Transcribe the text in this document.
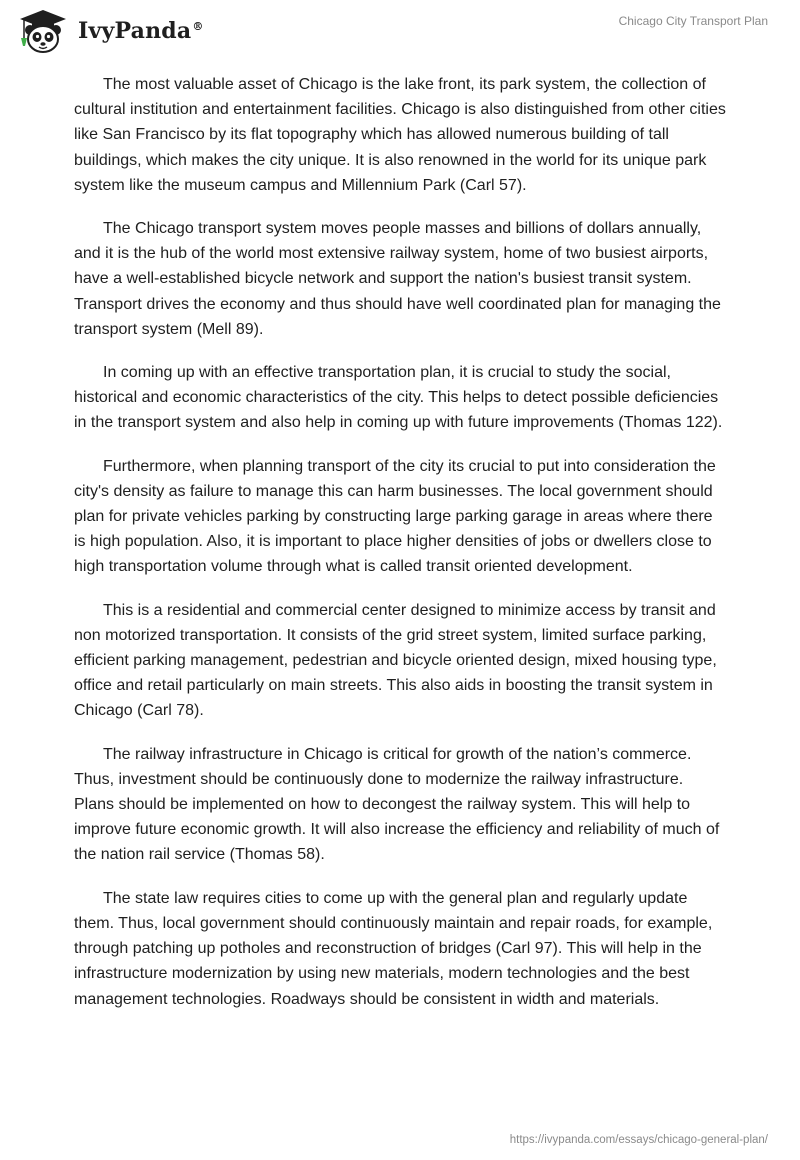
IvyPanda®	Chicago City Transport Plan

The most valuable asset of Chicago is the lake front, its park system, the collection of cultural institution and entertainment facilities. Chicago is also distinguished from other cities like San Francisco by its flat topography which has allowed numerous building of tall buildings, which makes the city unique. It is also renowned in the world for its unique park system like the museum campus and Millennium Park (Carl 57).

The Chicago transport system moves people masses and billions of dollars annually, and it is the hub of the world most extensive railway system, home of two busiest airports, have a well-established bicycle network and support the nation's busiest transit system. Transport drives the economy and thus should have well coordinated plan for managing the transport system (Mell 89).

In coming up with an effective transportation plan, it is crucial to study the social, historical and economic characteristics of the city. This helps to detect possible deficiencies in the transport system and also help in coming up with future improvements (Thomas 122).

Furthermore, when planning transport of the city its crucial to put into consideration the city's density as failure to manage this can harm businesses. The local government should plan for private vehicles parking by constructing large parking garage in areas where there is high population. Also, it is important to place higher densities of jobs or dwellers close to high transportation volume through what is called transit oriented development.

This is a residential and commercial center designed to minimize access by transit and non motorized transportation. It consists of the grid street system, limited surface parking, efficient parking management, pedestrian and bicycle oriented design, mixed housing type, office and retail particularly on main streets. This also aids in boosting the transit system in Chicago (Carl 78).

The railway infrastructure in Chicago is critical for growth of the nation’s commerce. Thus, investment should be continuously done to modernize the railway infrastructure. Plans should be implemented on how to decongest the railway system. This will help to improve future economic growth. It will also increase the efficiency and reliability of much of the nation rail service (Thomas 58).

The state law requires cities to come up with the general plan and regularly update them. Thus, local government should continuously maintain and repair roads, for example, through patching up potholes and reconstruction of bridges (Carl 97). This will help in the infrastructure modernization by using new materials, modern technologies and the best management technologies. Roadways should be consistent in width and materials.

https://ivypanda.com/essays/chicago-general-plan/
